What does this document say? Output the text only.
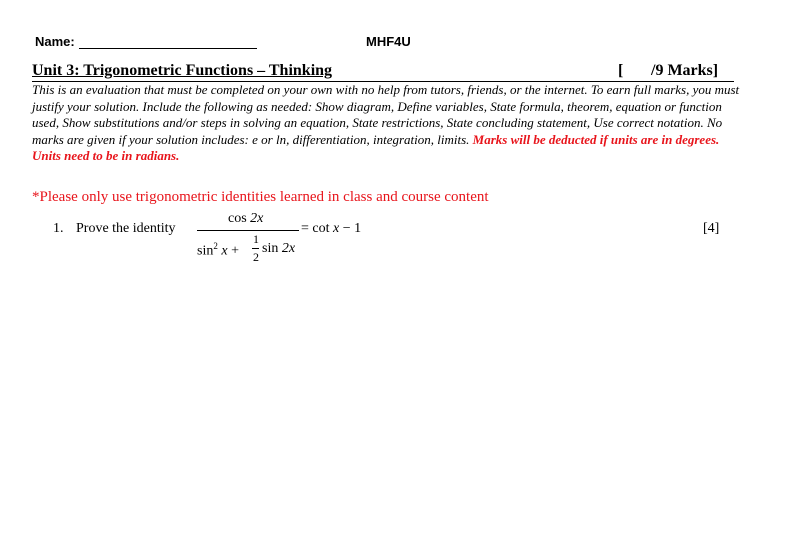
Name:	MHF4U
Unit 3: Trigonometric Functions – Thinking	[ /9 Marks]
This is an evaluation that must be completed on your own with no help from tutors, friends, or the internet. To earn full marks, you must justify your solution. Include the following as needed: Show diagram, Define variables, State formula, theorem, equation or function used, Show substitutions and/or steps in solving an equation, State restrictions, State concluding statement, Use correct notation. No marks are given if your solution includes: e or ln, differentiation, integration, limits. Marks will be deducted if units are in degrees. Units need to be in radians.
*Please only use trigonometric identities learned in class and course content
1. Prove the identity	[4]
cos 2x
= cot x − 1
$\sin^2 x$ +
1
2
sin 2x
